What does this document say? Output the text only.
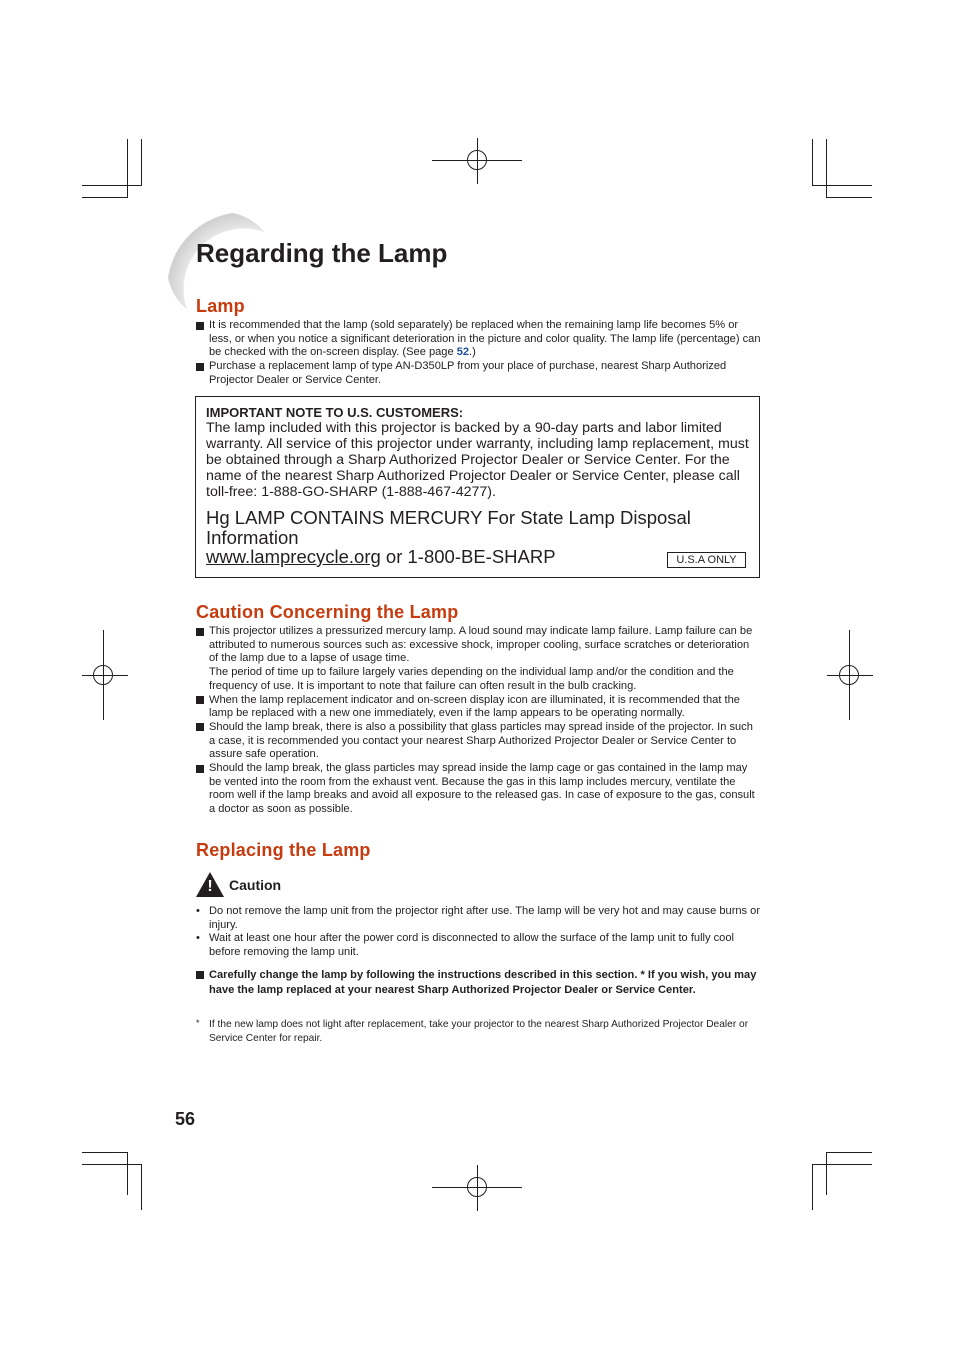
Regarding the Lamp
Lamp
It is recommended that the lamp (sold separately) be replaced when the remaining lamp life becomes 5% or less, or when you notice a significant deterioration in the picture and color quality. The lamp life (percentage) can be checked with the on-screen display. (See page 52.)
Purchase a replacement lamp of type AN-D350LP from your place of purchase, nearest Sharp Authorized Projector Dealer or Service Center.

IMPORTANT NOTE TO U.S. CUSTOMERS:

The lamp included with this projector is backed by a 90-day parts and labor limited warranty. All service of this projector under warranty, including lamp replacement, must be obtained through a Sharp Authorized Projector Dealer or Service Center. For the name of the nearest Sharp Authorized Projector Dealer or Service Center, please call toll-free: 1-888-GO-SHARP (1-888-467-4277).

Hg LAMP CONTAINS MERCURY For State Lamp Disposal Information

www.lamprecycle.org or 1-800-BE-SHARP	U.S.A ONLY
Caution Concerning the Lamp

This projector utilizes a pressurized mercury lamp. A loud sound may indicate lamp failure. Lamp failure can be attributed to numerous sources such as: excessive shock, improper cooling, surface scratches or deterioration of the lamp due to a lapse of usage time.

The period of time up to failure largely varies depending on the individual lamp and/or the condition and the frequency of use. It is important to note that failure can often result in the bulb cracking.

When the lamp replacement indicator and on-screen display icon are illuminated, it is recommended that the lamp be replaced with a new one immediately, even if the lamp appears to be operating normally.

Should the lamp break, there is also a possibility that glass particles may spread inside of the projector. In such a case, it is recommended you contact your nearest Sharp Authorized Projector Dealer or Service Center to assure safe operation.

Should the lamp break, the glass particles may spread inside the lamp cage or gas contained in the lamp may be vented into the room from the exhaust vent. Because the gas in this lamp includes mercury, ventilate the room well if the lamp breaks and avoid all exposure to the released gas. In case of exposure to the gas, consult a doctor as soon as possible.

Replacing the Lamp
! Caution

• Do not remove the lamp unit from the projector right after use. The lamp will be very hot and may cause burns or injury.
• Wait at least one hour after the power cord is disconnected to allow the surface of the lamp unit to fully cool before removing the lamp unit.
Carefully change the lamp by following the instructions described in this section. * If you wish, you may have the lamp replaced at your nearest Sharp Authorized Projector Dealer or Service Center.
* If the new lamp does not light after replacement, take your projector to the nearest Sharp Authorized Projector Dealer or Service Center for repair.

56
